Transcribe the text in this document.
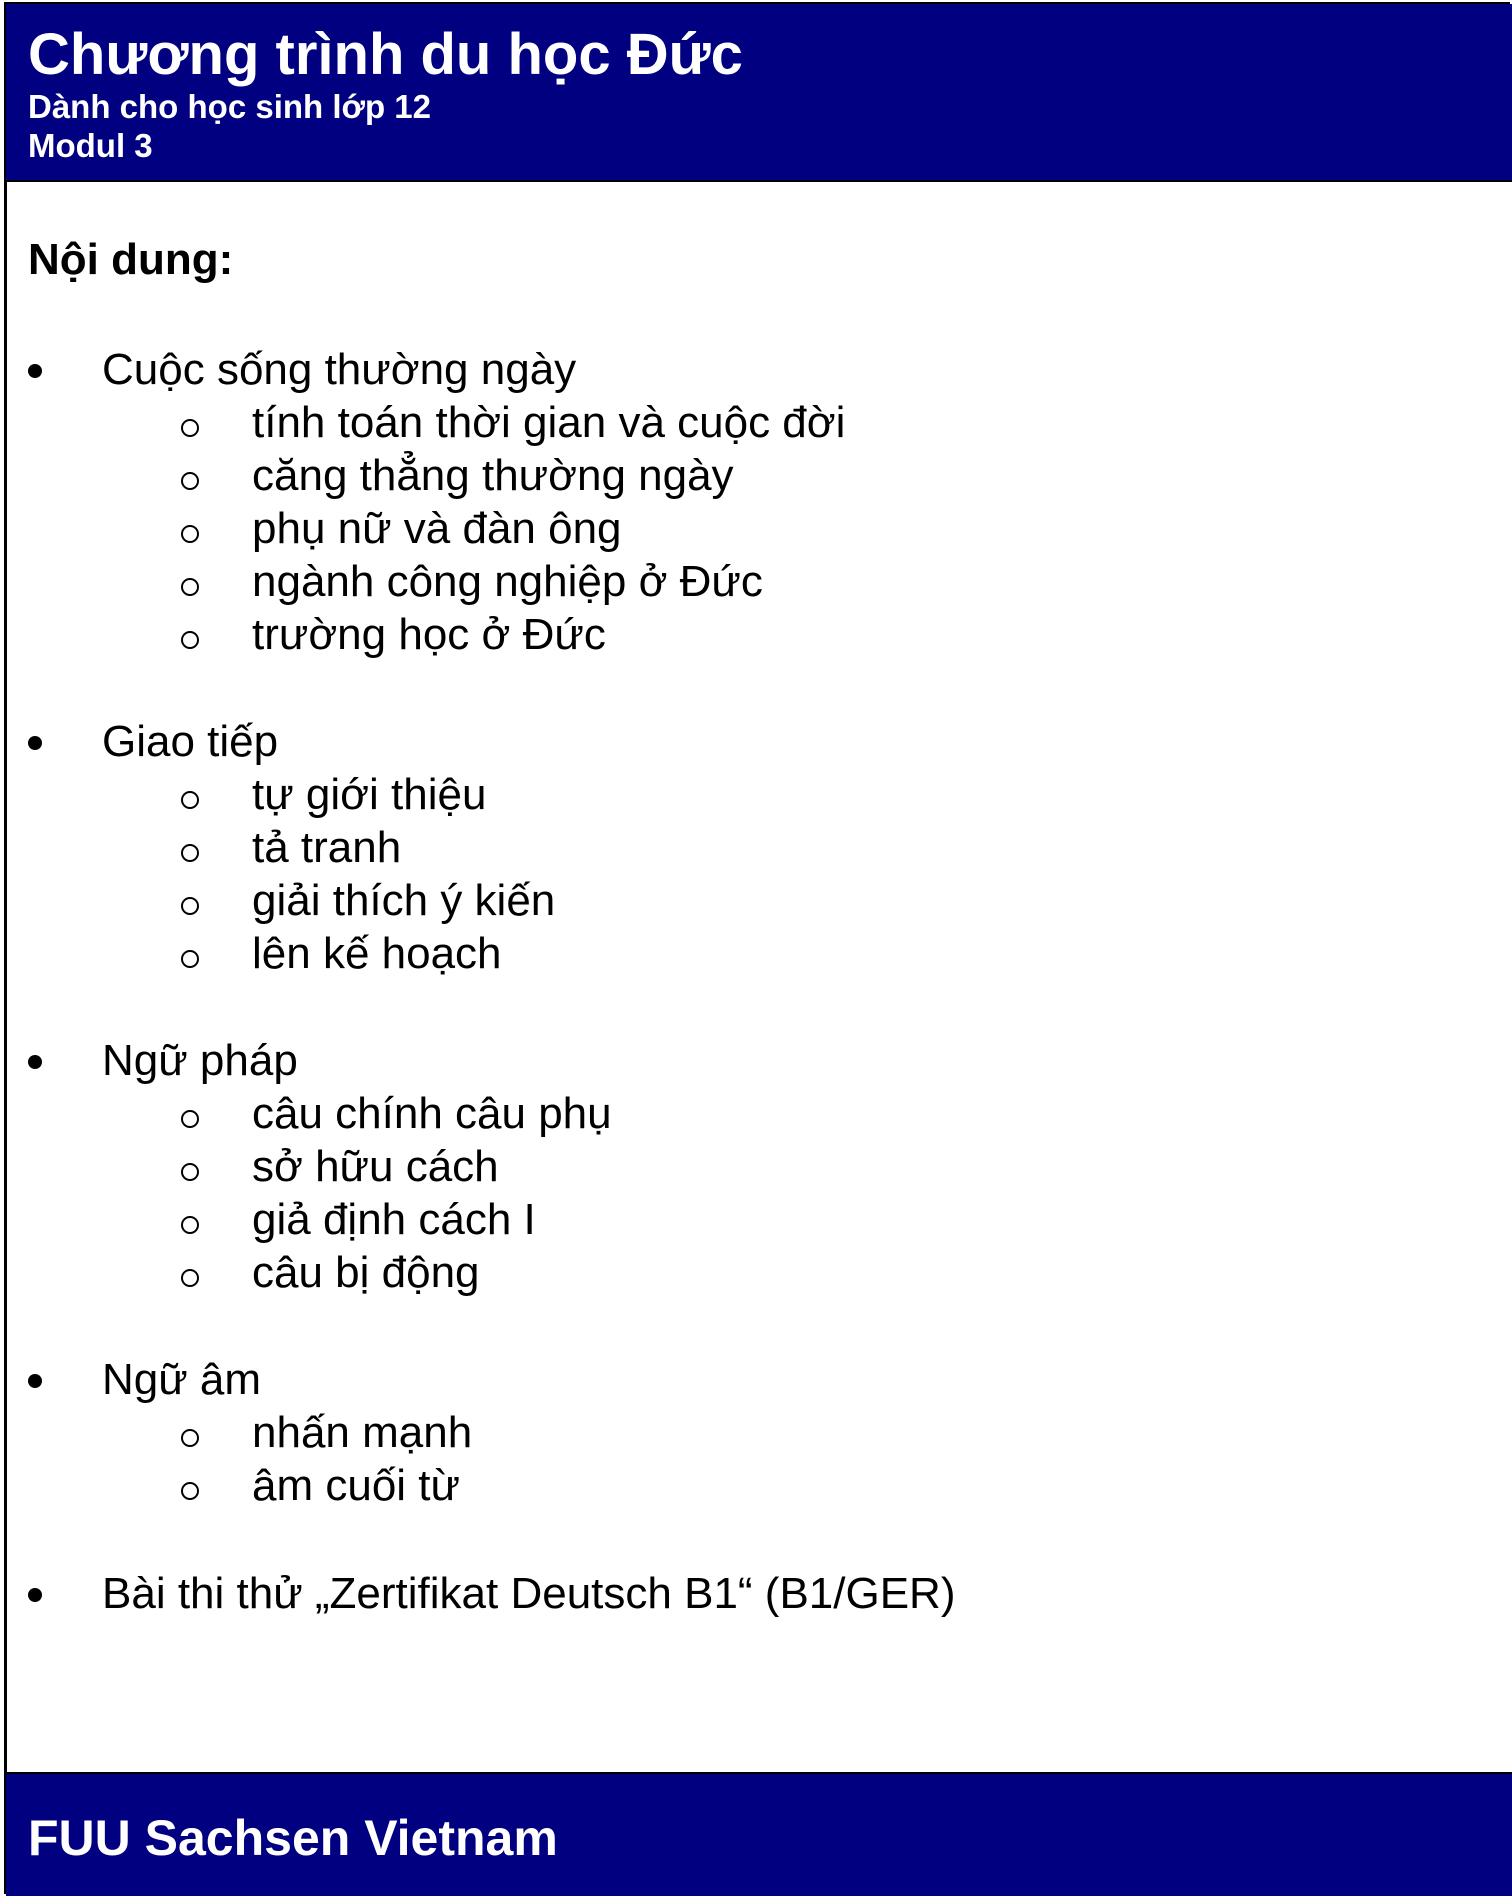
Chương trình du học Đức
Dành cho học sinh lớp 12
Modul 3
Nội dung:
Cuộc sống thường ngày
tính toán thời gian và cuộc đời
căng thẳng thường ngày
phụ nữ và đàn ông
ngành công nghiệp ở Đức
trường học ở Đức
Giao tiếp
tự giới thiệu
tả tranh
giải thích ý kiến
lên kế hoạch
Ngữ pháp
câu chính câu phụ
sở hữu cách
giả định cách I
câu bị động
Ngữ âm
nhấn mạnh
âm cuối từ
Bài thi thử „Zertifikat Deutsch B1“ (B1/GER)
FUU Sachsen Vietnam
